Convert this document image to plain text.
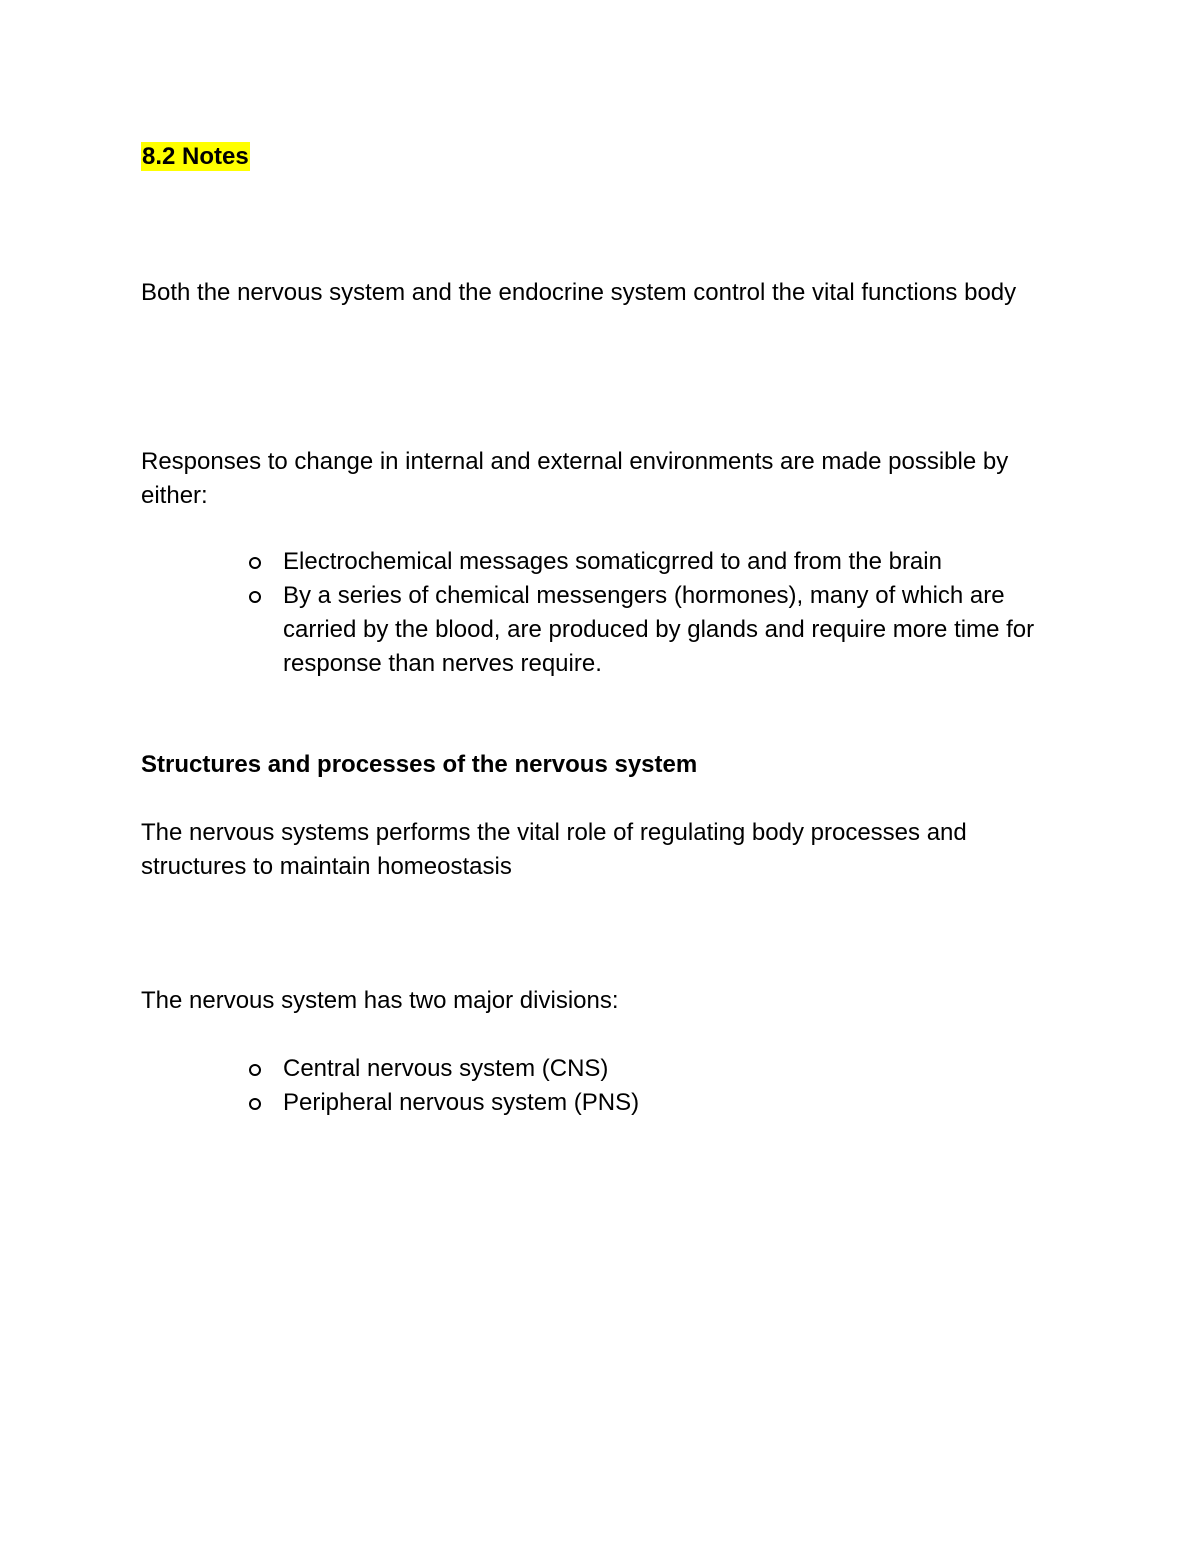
8.2 Notes

Both the nervous system and the endocrine system control the vital functions body

Responses to change in internal and external environments are made possible by either:

Electrochemical messages somaticgrred to and from the brain
By a series of chemical messengers (hormones), many of which are carried by the blood, are produced by glands and require more time for response than nerves require.

Structures and processes of the nervous system

The nervous systems performs the vital role of regulating body processes and structures to maintain homeostasis

The nervous system has two major divisions:

Central nervous system (CNS)
Peripheral nervous system (PNS)
